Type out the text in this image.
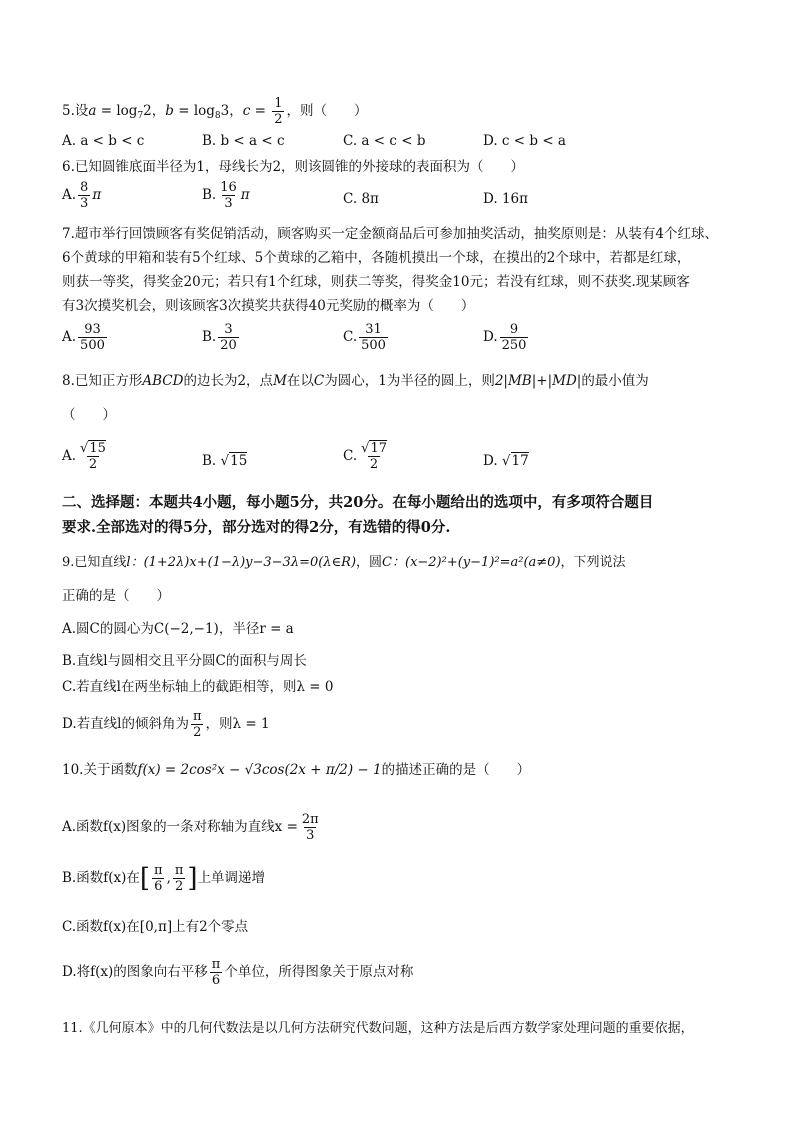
5.设$a = \log_72$，$b = \log_83$，$c = \frac{1}{2}$ ，则（　　）
A. a < b < c	B. b < a < c	C. a < c < b	D. c < b < a
6.已知圆锥底面半径为1，母线长为2，则该圆锥的外接球的表面积为（　　）
A. $\frac{8}{3}$ π	B. $\frac{16}{3}$ π	C. 8π	D. 16π
7.超市举行回馈顾客有奖促销活动，顾客购买一定金额商品后可参加抽奖活动，抽奖原则是：从装有4个红球、
6个黄球的甲箱和装有5个红球、5个黄球的乙箱中，各随机摸出一个球，在摸出的2个球中，若都是红球，
则获一等奖，得奖金20元；若只有1个红球，则获二等奖，得奖金10元；若没有红球，则不获奖.现某顾客
有3次摸奖机会，则该顾客3次摸奖共获得40元奖励的概率为（　　）
A. $\frac{93}{500}$	B. $\frac{3}{20}$	C. $\frac{31}{500}$	D. $\frac{9}{250}$
8.已知正方形ABCD的边长为2，点M在以C为圆心，1为半径的圆上，则2|MB|+|MD|的最小值为
（　　）
A. $\frac{√15}{2}$	B. √15	C. $\frac{√17}{2}$	D. √17
二、选择题：本题共4小题，每小题5分，共20分。在每小题给出的选项中，有多项符合题目
要求.全部选对的得5分，部分选对的得2分，有选错的得0分.
9.已知直线l：(1+2λ)x+(1−λ)y−3−3λ=0(λ∈R)，圆C：(x−2)²+(y−1)²=a²(a≠0)，下列说法
正确的是（　　）
A.圆C的圆心为C(−2,−1)，半径r = a
B.直线l与圆相交且平分圆C的面积与周长
C.若直线l在两坐标轴上的截距相等，则λ = 0
D.若直线l的倾斜角为 $\frac{\pi}{2}$ ，则λ = 1
10.关于函数f(x) = 2cos²x − √3cos(2x + π/2) − 1的描述正确的是（　　）
A.函数f(x)图象的一条对称轴为直线$x = \frac{2\pi}{3}$
B.函数f(x)在[ $\frac{\pi}{6}$ , $\frac{\pi}{2}$ ]上单调递增
C.函数f(x)在[0,π]上有2个零点
D.将f(x)的图象向右平移 $\frac{\pi}{6}$ 个单位，所得图象关于原点对称
11.《几何原本》中的几何代数法是以几何方法研究代数问题，这种方法是后西方数学家处理问题的重要依据，
